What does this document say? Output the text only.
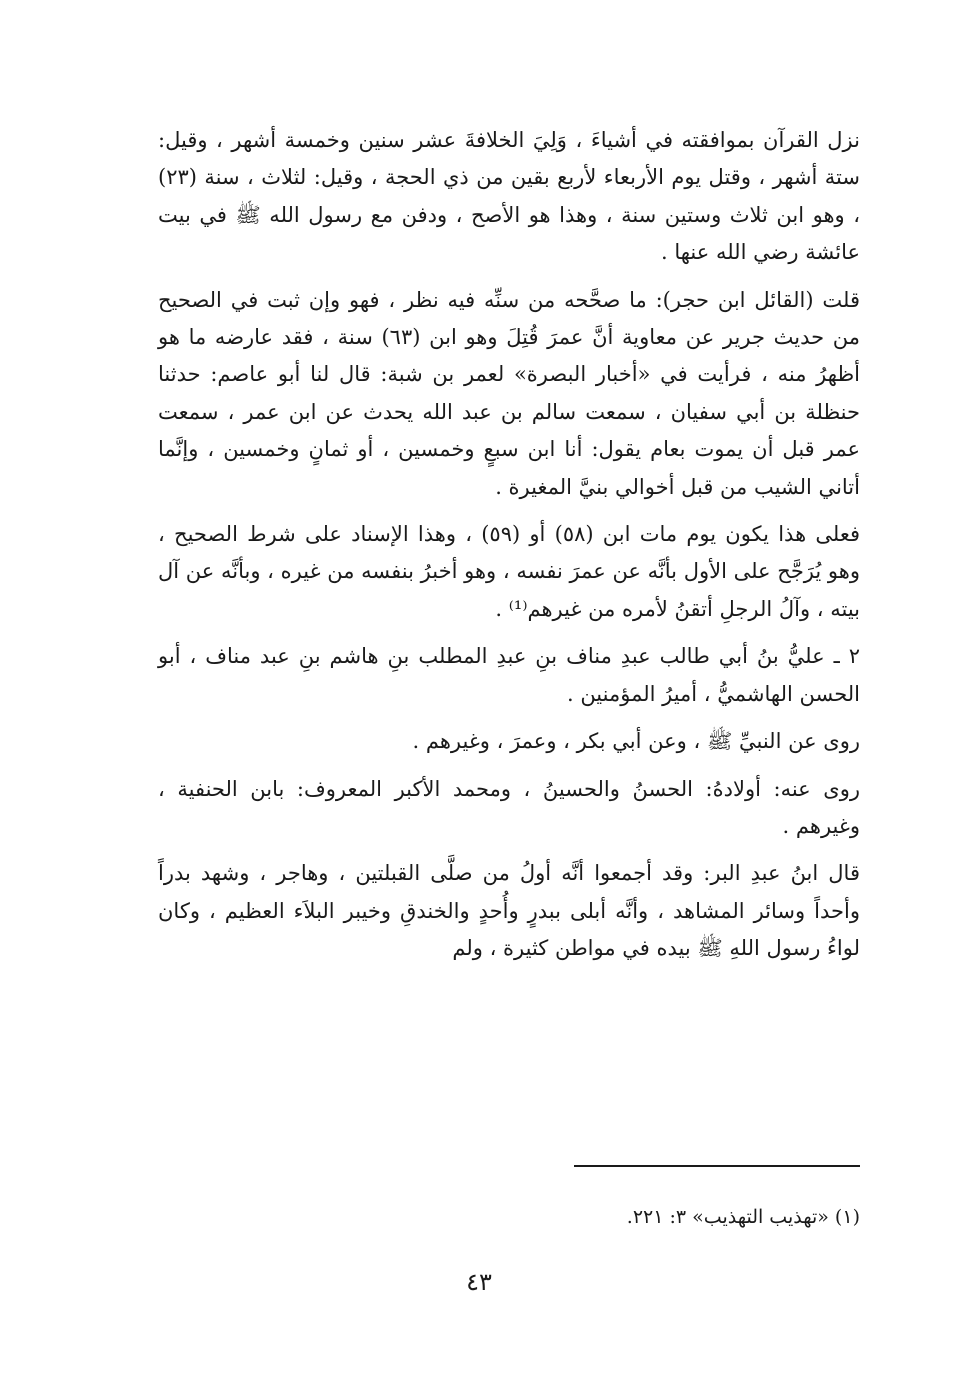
نزل القرآن بموافقته في أشياءَ ، وَلِيَ الخلافةَ عشر سنين وخمسة أشهر ، وقيل: ستة أشهر ، وقتل يوم الأربعاء لأربع بقين من ذي الحجة ، وقيل: لثلاث ، سنة (٢٣) ، وهو ابن ثلاث وستين سنة ، وهذا هو الأصح ، ودفن مع رسول الله ﷺ في بيت عائشة رضي الله عنها .

قلت (القائل ابن حجر): ما صحَّحه من سنِّه فيه نظر ، فهو وإن ثبت في الصحيح من حديث جرير عن معاوية أنَّ عمرَ قُتِلَ وهو ابن (٦٣) سنة ، فقد عارضه ما هو أظهرُ منه ، فرأيت في «أخبار البصرة» لعمر بن شبة: قال لنا أبو عاصم: حدثنا حنظلة بن أبي سفيان ، سمعت سالم بن عبد الله يحدث عن ابن عمر ، سمعت عمر قبل أن يموت بعام يقول: أنا ابن سبعٍ وخمسين ، أو ثمانٍ وخمسين ، وإنَّما أتاني الشيب من قبل أخوالي بنيَّ المغيرة .

فعلى هذا يكون يوم مات ابن (٥٨) أو (٥٩) ، وهذا الإسناد على شرط الصحيح ، وهو يُرَجَّح على الأول بأنَّه عن عمرَ نفسه ، وهو أخبرُ بنفسه من غيره ، وبأنَّه عن آل بيته ، وآلُ الرجلِ أتقنُ لأمره من غيرهم⁽¹⁾ .

٢ ـ عليُّ بنُ أبي طالب عبدِ مناف بنِ عبدِ المطلب بنِ هاشم بنِ عبد مناف ، أبو الحسن الهاشميُّ ، أميرُ المؤمنين .

روى عن النبيِّ ﷺ ، وعن أبي بكر ، وعمرَ ، وغيرهم .

روى عنه: أولادهُ: الحسنُ والحسينُ ، ومحمد الأكبر المعروف: بابن الحنفية ، وغيرهم .

قال ابنُ عبدِ البر: وقد أجمعوا أنَّه أولُ من صلَّى القبلتين ، وهاجر ، وشهد بدراً وأحداً وسائر المشاهد ، وأنَّه أبلى ببدرٍ وأُحدٍ والخندقِ وخيبر البلاَء العظيم ، وكان لواءُ رسول اللهِ ﷺ بيده في مواطن كثيرة ، ولم

(١) «تهذيب التهذيب» ٣: ٢٢١.
٤٣
